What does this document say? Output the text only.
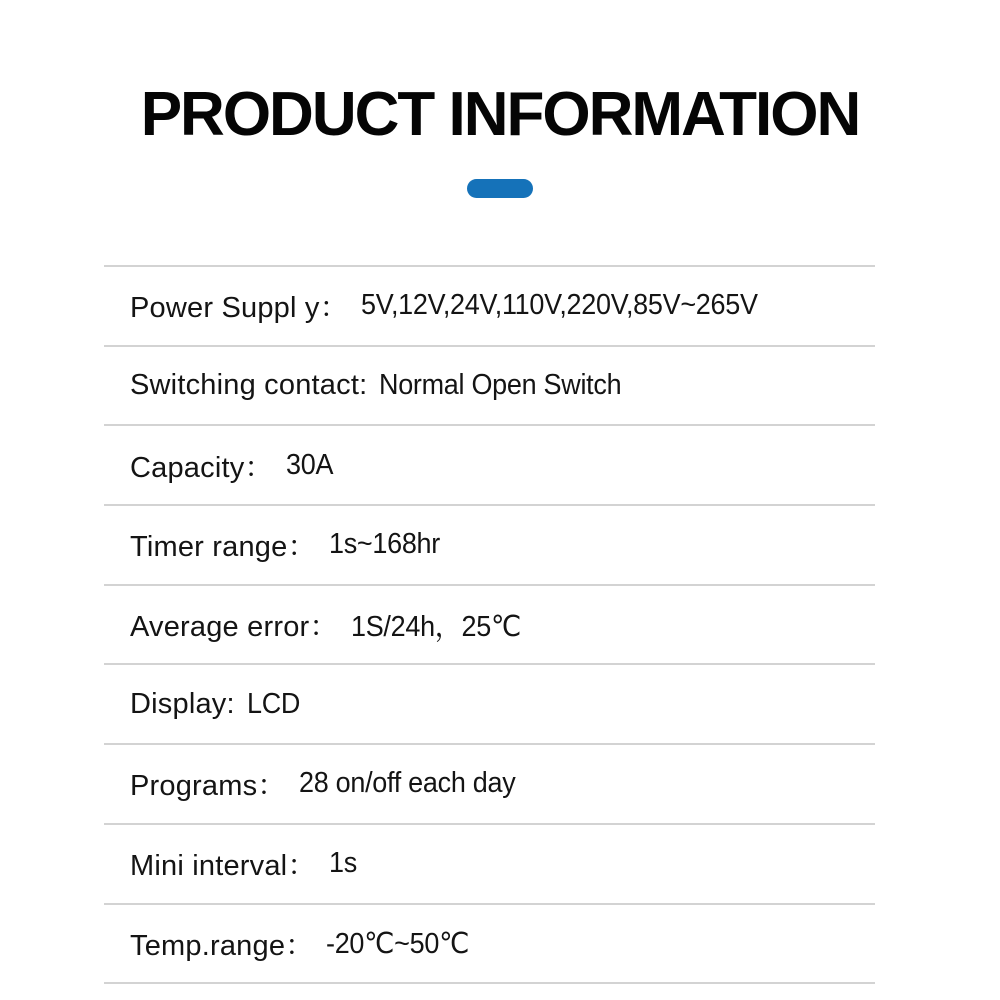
PRODUCT INFORMATION
Power Suppl y： 5V,12V,24V,110V,220V,85V~265V
Switching contact: Normal Open Switch
Capacity： 30A
Timer range： 1s~168hr
Average error： 1S/24h，25℃
Display: LCD
Programs： 28 on/off each day
Mini interval： 1s
Temp.range： -20℃~50℃
